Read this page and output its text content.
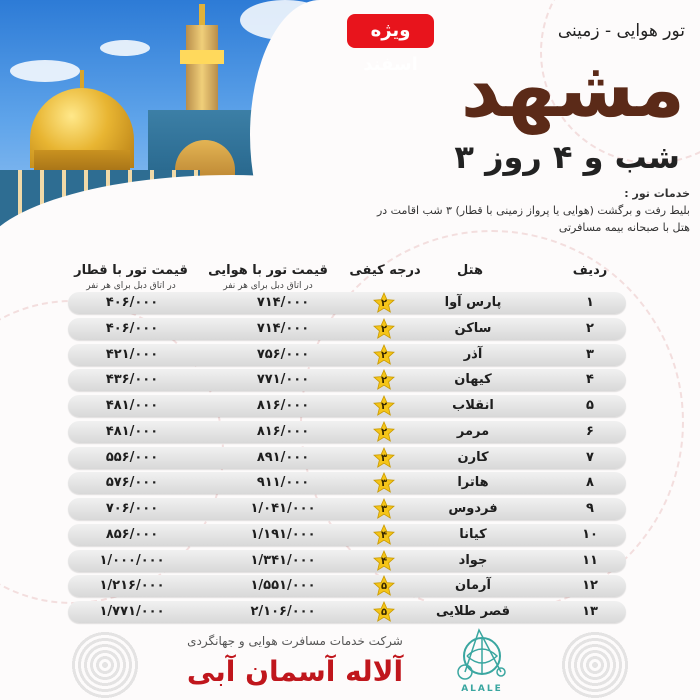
ویژه اسفند
تور هوایی - زمینی
مشهد
۳ شب و ۴ روز
خدمات تور :
بلیط رفت و برگشت (هوایی یا پرواز زمینی با قطار) ۳ شب اقامت در
هتل با صبحانه بیمه مسافرتی
ردیف
هتل
درجه کیفی
قیمت تور با هوایی
در اتاق دبل برای هر نفر
قیمت تور با قطار
در اتاق دبل برای هر نفر
۱
پارس آوا
۲
۷۱۴/۰۰۰
۴۰۶/۰۰۰
۲
ساکن
۲
۷۱۴/۰۰۰
۴۰۶/۰۰۰
۳
آذر
۲
۷۵۶/۰۰۰
۴۲۱/۰۰۰
۴
کیهان
۲
۷۷۱/۰۰۰
۴۳۶/۰۰۰
۵
انقلاب
۲
۸۱۶/۰۰۰
۴۸۱/۰۰۰
۶
مرمر
۲
۸۱۶/۰۰۰
۴۸۱/۰۰۰
۷
کارن
۳
۸۹۱/۰۰۰
۵۵۶/۰۰۰
۸
هاترا
۳
۹۱۱/۰۰۰
۵۷۶/۰۰۰
۹
فردوس
۳
۱/۰۴۱/۰۰۰
۷۰۶/۰۰۰
۱۰
کیانا
۴
۱/۱۹۱/۰۰۰
۸۵۶/۰۰۰
۱۱
جواد
۴
۱/۳۴۱/۰۰۰
۱/۰۰۰/۰۰۰
۱۲
آرمان
۵
۱/۵۵۱/۰۰۰
۱/۲۱۶/۰۰۰
۱۳
قصر طلایی
۵
۲/۱۰۶/۰۰۰
۱/۷۷۱/۰۰۰
شرکت خدمات مسافرت هوایی و جهانگردی
آلاله آسمان آبی
ALALE
